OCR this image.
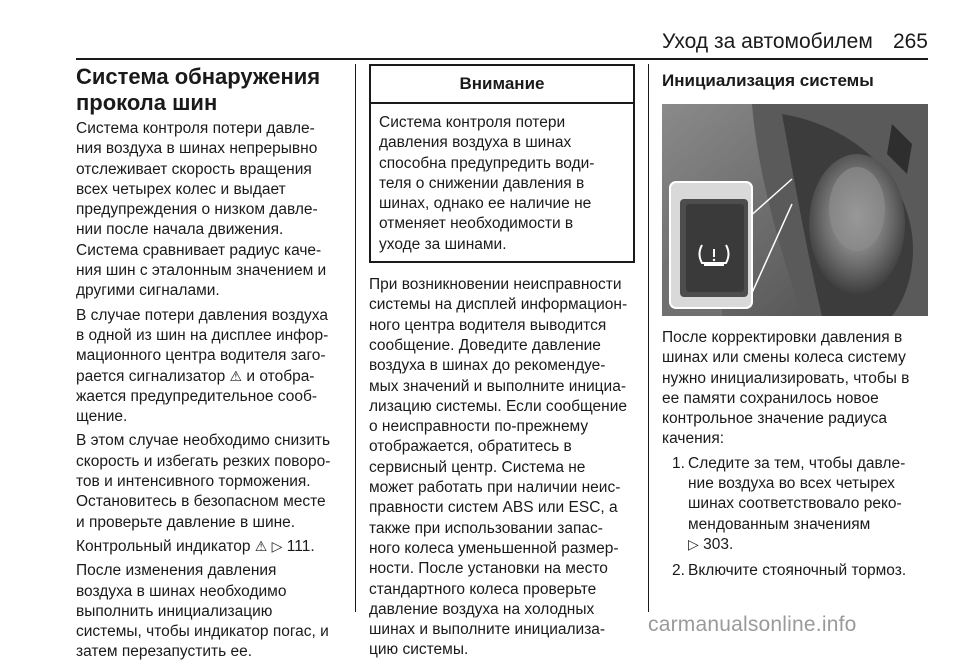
Уход за автомобилем 265
Система обнаружения
прокола шин

Система контроля потери давле-
ния воздуха в шинах непрерывно
отслеживает скорость вращения
всех четырех колес и выдает
предупреждения о низком давле-
нии после начала движения.
Система сравнивает радиус каче-
ния шин с эталонным значением и
другими сигналами.

В случае потери давления воздуха
в одной из шин на дисплее инфор-
мационного центра водителя заго-
рается сигнализатор ⚠ и отобра-
жается предупредительное сооб-
щение.

В этом случае необходимо снизить
скорость и избегать резких поворо-
тов и интенсивного торможения.
Остановитесь в безопасном месте
и проверьте давление в шине.

Контрольный индикатор ⚠ ▷ 111.

После изменения давления
воздуха в шинах необходимо
выполнить инициализацию
системы, чтобы индикатор погас, и
затем перезапустить ее.

Внимание
Система контроля потери
давления воздуха в шинах
способна предупредить води-
теля о снижении давления в
шинах, однако ее наличие не
отменяет необходимости в
уходе за шинами.

При возникновении неисправности
системы на дисплей информацион-
ного центра водителя выводится
сообщение. Доведите давление
воздуха в шинах до рекомендуе-
мых значений и выполните инициа-
лизацию системы. Если сообщение
о неисправности по-прежнему
отображается, обратитесь в
сервисный центр. Система не
может работать при наличии неис-
правности систем ABS или ESC, а
также при использовании запас-
ного колеса уменьшенной размер-
ности. После установки на место
стандартного колеса проверьте
давление воздуха на холодных
шинах и выполните инициализа-
цию системы.

Инициализация системы

После корректировки давления в
шинах или смены колеса систему
нужно инициализировать, чтобы в
ее памяти сохранилось новое
контрольное значение радиуса
качения:

1. Следите за тем, чтобы давле-
ние воздуха во всех четырех
шинах соответствовало реко-
мендованным значениям
▷ 303.
2. Включите стояночный тормоз.
carmanualsonline.info
